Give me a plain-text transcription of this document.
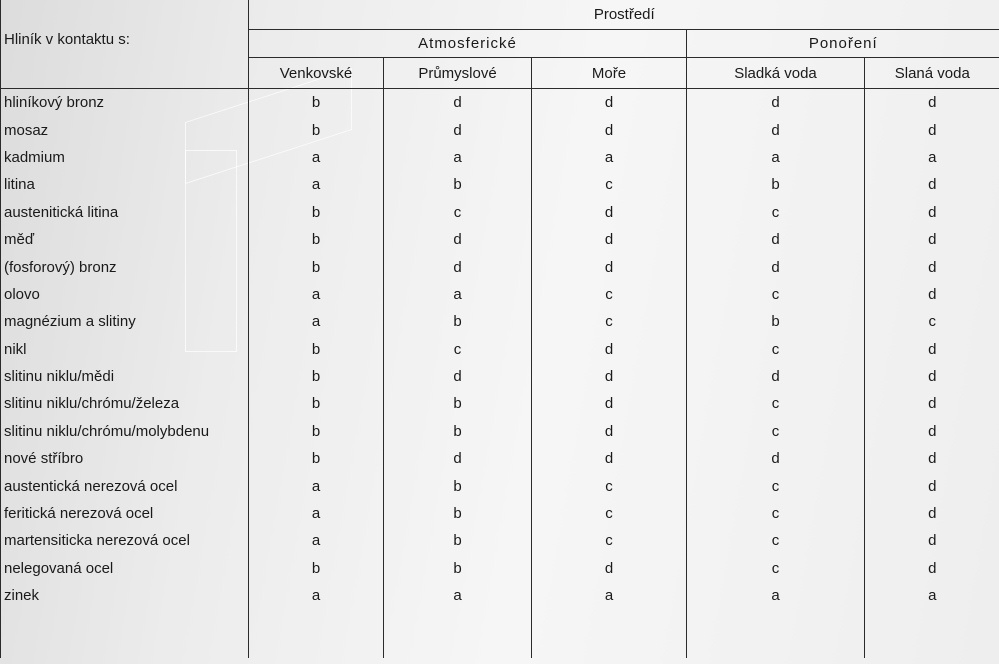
Hliník v kontaktu s:	Prostředí				
	Atmosferické			Ponoření	
	Venkovské	Průmyslové	Moře	Sladká voda	Slaná voda
hliníkový bronz	b	d	d	d	d
mosaz	b	d	d	d	d
kadmium	a	a	a	a	a
litina	a	b	c	b	d
austenitická litina	b	c	d	c	d
měď	b	d	d	d	d
(fosforový) bronz	b	d	d	d	d
olovo	a	a	c	c	d
magnézium a slitiny	a	b	c	b	c
nikl	b	c	d	c	d
slitinu niklu/mědi	b	d	d	d	d
slitinu niklu/chrómu/železa	b	b	d	c	d
slitinu niklu/chrómu/molybdenu	b	b	d	c	d
nové stříbro	b	d	d	d	d
austentická nerezová ocel	a	b	c	c	d
feritická nerezová ocel	a	b	c	c	d
martensiticka nerezová ocel	a	b	c	c	d
nelegovaná ocel	b	b	d	c	d
zinek	a	a	a	a	a
